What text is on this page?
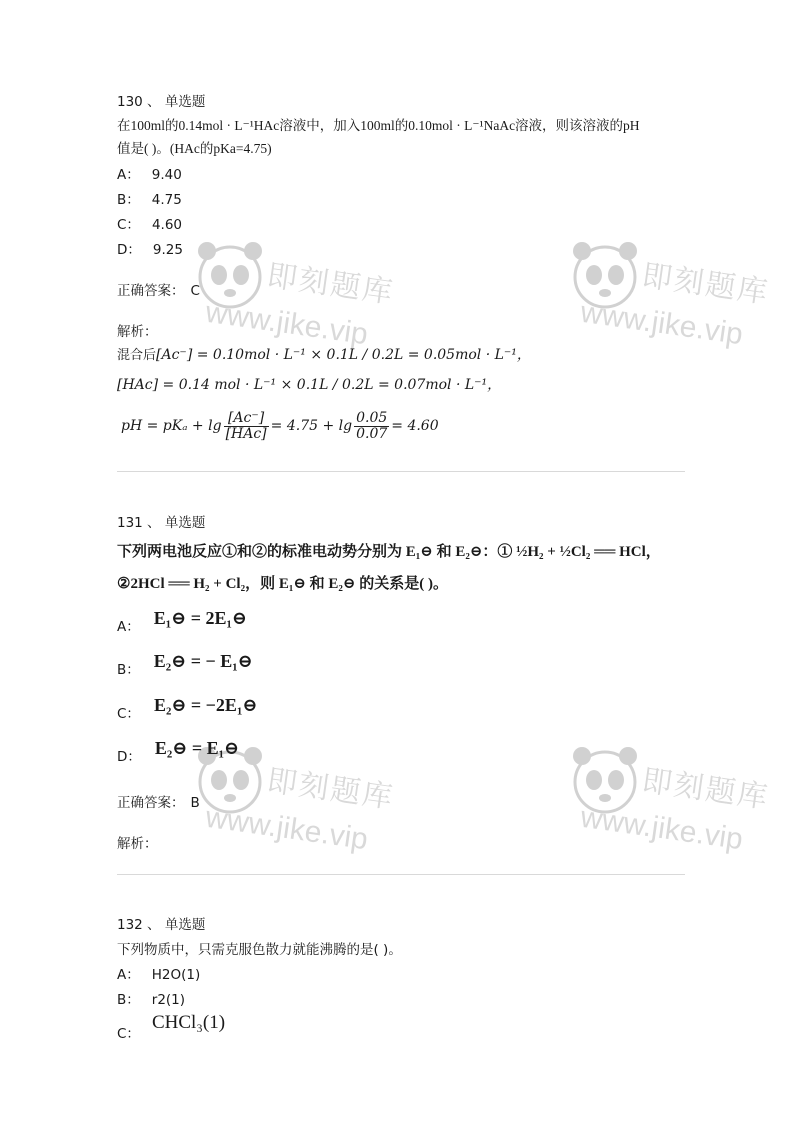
130 、 单选题
在100ml的0.14mol · L⁻¹HAc溶液中，加入100ml的0.10mol · L⁻¹NaAc溶液，则该溶液的pH
值是( )。(HAc的pKa=4.75)
A： 9.40
B： 4.75
C： 4.60
D： 9.25
正确答案： C
解析：
混合后[Ac⁻] = 0.10mol · L⁻¹ × 0.1L / 0.2L = 0.05mol · L⁻¹，
[HAc] = 0.14 mol · L⁻¹ × 0.1L / 0.2L = 0.07mol · L⁻¹，
pH = $pK_a + \lg \frac{[Ac^-]}{\text{[HAc]}} = 4.75 + \lg \frac{0.05}{0.07} = 4.60$
131 、 单选题
下列两电池反应①和②的标准电动势分别为 E₁⊖ 和 E₂⊖：① ½H₂ + ½Cl₂ ══ HCl，
②2HCl ══ H₂ + Cl₂，则 E₁⊖ 和 E₂⊖ 的关系是( )。
A： E₁⊖ = 2E₁⊖
B： E₂⊖ = − E₁⊖
C： E₂⊖ = −2E₁⊖
D： E₂⊖ = E₁⊖
正确答案： B
解析：
132 、 单选题
下列物质中，只需克服色散力就能沸腾的是( )。
A： H2O(1)
B： r2(1)
C：
CHCl₃(1)
即刻题库
www.jike.vip
即刻题库
www.jike.vip
即刻题库
www.jike.vip
即刻题库
www.jike.vip
